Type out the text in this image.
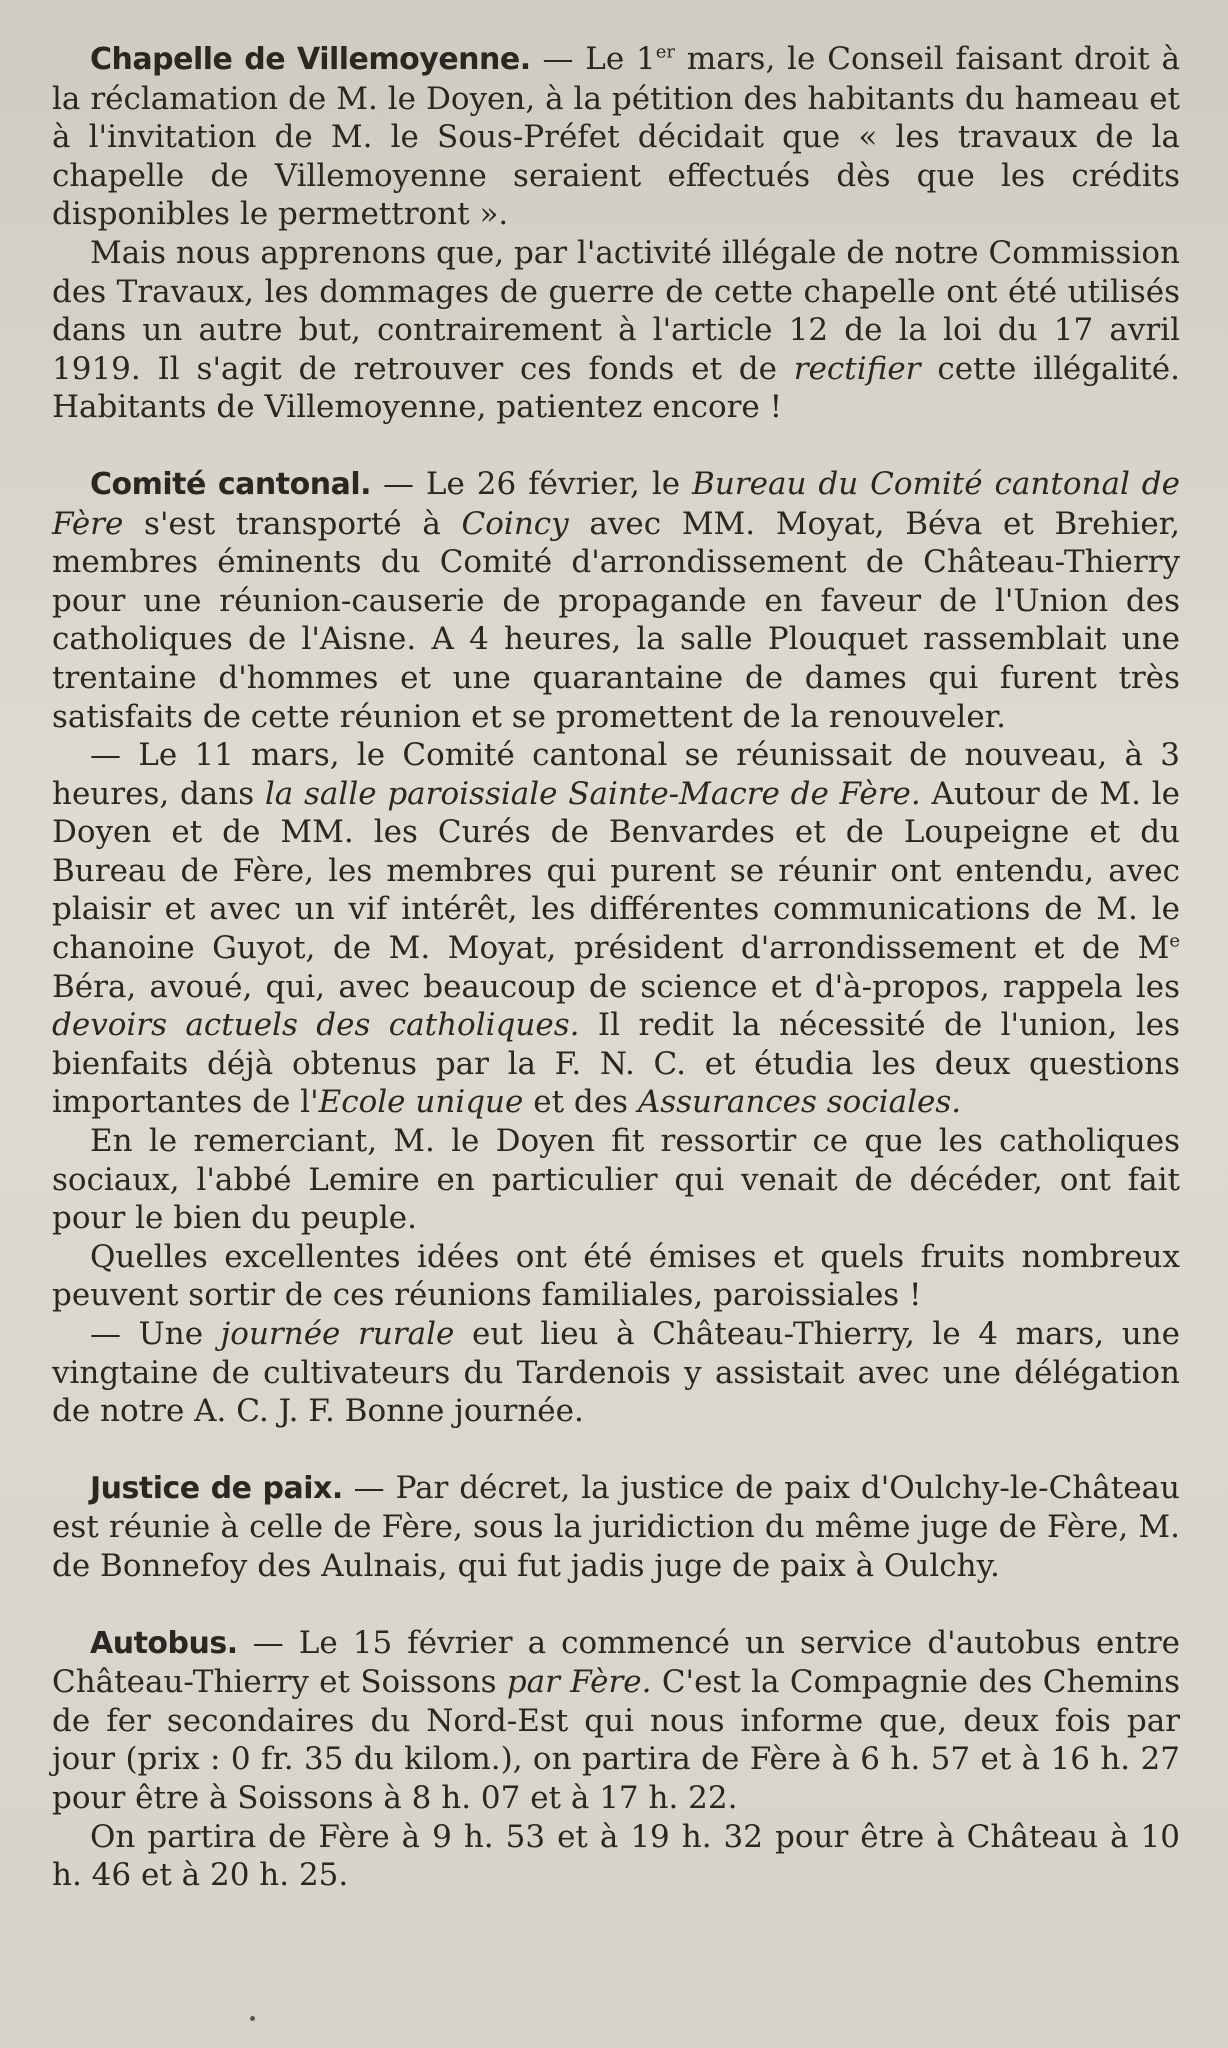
Chapelle de Villemoyenne. — Le 1er mars, le Conseil faisant droit à la réclamation de M. le Doyen, à la pétition des habitants du hameau et à l'invitation de M. le Sous-Préfet décidait que « les travaux de la chapelle de Villemoyenne seraient effectués dès que les crédits disponibles le permettront ».

Mais nous apprenons que, par l'activité illégale de notre Commission des Travaux, les dommages de guerre de cette chapelle ont été utilisés dans un autre but, contrairement à l'article 12 de la loi du 17 avril 1919. Il s'agit de retrouver ces fonds et de rectifier cette illégalité. Habitants de Villemoyenne, patientez encore !

Comité cantonal. — Le 26 février, le Bureau du Comité cantonal de Fère s'est transporté à Coincy avec MM. Moyat, Béva et Brehier, membres éminents du Comité d'arrondissement de Château-Thierry pour une réunion-causerie de propagande en faveur de l'Union des catholiques de l'Aisne. A 4 heures, la salle Plouquet rassemblait une trentaine d'hommes et une quarantaine de dames qui furent très satisfaits de cette réunion et se promettent de la renouveler.

— Le 11 mars, le Comité cantonal se réunissait de nouveau, à 3 heures, dans la salle paroissiale Sainte-Macre de Fère. Autour de M. le Doyen et de MM. les Curés de Benvardes et de Loupeigne et du Bureau de Fère, les membres qui purent se réunir ont entendu, avec plaisir et avec un vif intérêt, les différentes communications de M. le chanoine Guyot, de M. Moyat, président d'arrondissement et de Me Béra, avoué, qui, avec beaucoup de science et d'à-propos, rappela les devoirs actuels des catholiques. Il redit la nécessité de l'union, les bienfaits déjà obtenus par la F. N. C. et étudia les deux questions importantes de l'Ecole unique et des Assurances sociales.

En le remerciant, M. le Doyen fit ressortir ce que les catholiques sociaux, l'abbé Lemire en particulier qui venait de décéder, ont fait pour le bien du peuple.

Quelles excellentes idées ont été émises et quels fruits nombreux peuvent sortir de ces réunions familiales, paroissiales !

— Une journée rurale eut lieu à Château-Thierry, le 4 mars, une vingtaine de cultivateurs du Tardenois y assistait avec une délégation de notre A. C. J. F. Bonne journée.

Justice de paix. — Par décret, la justice de paix d'Oulchy-le-Château est réunie à celle de Fère, sous la juridiction du même juge de Fère, M. de Bonnefoy des Aulnais, qui fut jadis juge de paix à Oulchy.

Autobus. — Le 15 février a commencé un service d'autobus entre Château-Thierry et Soissons par Fère. C'est la Compagnie des Chemins de fer secondaires du Nord-Est qui nous informe que, deux fois par jour (prix : 0 fr. 35 du kilom.), on partira de Fère à 6 h. 57 et à 16 h. 27 pour être à Soissons à 8 h. 07 et à 17 h. 22.

On partira de Fère à 9 h. 53 et à 19 h. 32 pour être à Château à 10 h. 46 et à 20 h. 25.
